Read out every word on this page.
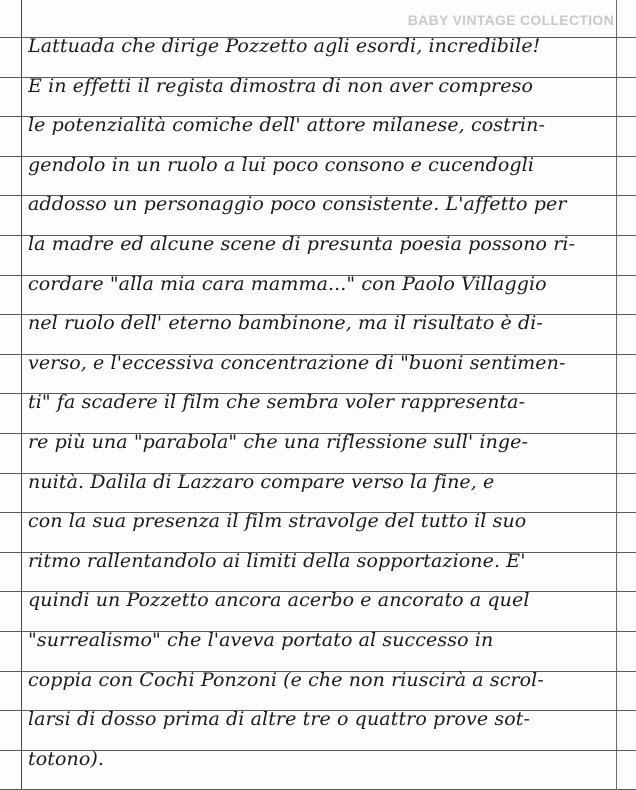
BABY VINTAGE COLLECTION
Lattuada che dirige Pozzetto agli esordi, incredibile!
E in effetti il regista dimostra di non aver compreso
le potenzialità comiche dell' attore milanese, costrin-
gendolo in un ruolo a lui poco consono e cucendogli
addosso un personaggio poco consistente. L'affetto per
la madre ed alcune scene di presunta poesia possono ri-
cordare "alla mia cara mamma..." con Paolo Villaggio
nel ruolo dell' eterno bambinone, ma il risultato è di-
verso, e l'eccessiva concentrazione di "buoni sentimen-
ti" fa scadere il film che sembra voler rappresenta-
re più una "parabola" che una riflessione sull' inge-
nuità. Dalila di Lazzaro compare verso la fine, e
con la sua presenza il film stravolge del tutto il suo
ritmo rallentandolo ai limiti della sopportazione. E'
quindi un Pozzetto ancora acerbo e ancorato a quel
"surrealismo" che l'aveva portato al successo in
coppia con Cochi Ponzoni (e che non riuscirà a scrol-
larsi di dosso prima di altre tre o quattro prove sot-
totono).
